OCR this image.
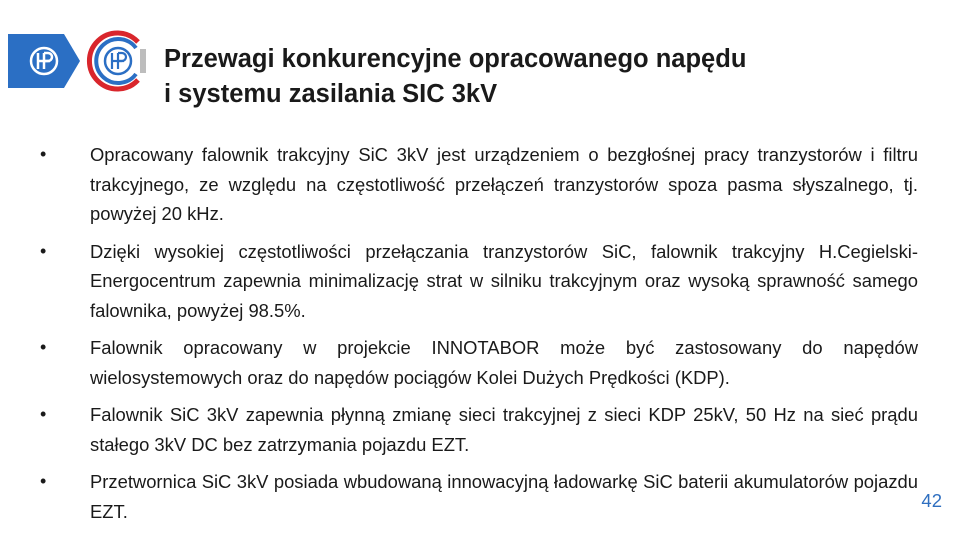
Przewagi konkurencyjne opracowanego napędu
i systemu zasilania SIC 3kV
•	Opracowany falownik trakcyjny SiC 3kV jest urządzeniem o bezgłośnej pracy tranzystorów i filtru trakcyjnego, ze względu na częstotliwość przełączeń tranzystorów spoza pasma słyszalnego, tj. powyżej 20 kHz.
•	Dzięki wysokiej częstotliwości przełączania tranzystorów SiC, falownik trakcyjny H.Cegielski-Energocentrum zapewnia minimalizację strat w silniku trakcyjnym oraz wysoką sprawność samego falownika, powyżej 98.5%.
•	Falownik opracowany w projekcie INNOTABOR może być zastosowany do napędów wielosystemowych oraz do napędów pociągów Kolei Dużych Prędkości (KDP).
•	Falownik SiC 3kV zapewnia płynną zmianę sieci trakcyjnej z sieci KDP 25kV, 50 Hz na sieć prądu stałego 3kV DC bez zatrzymania pojazdu EZT.
•	Przetwornica SiC 3kV posiada wbudowaną innowacyjną ładowarkę SiC baterii akumulatorów pojazdu EZT.	42
